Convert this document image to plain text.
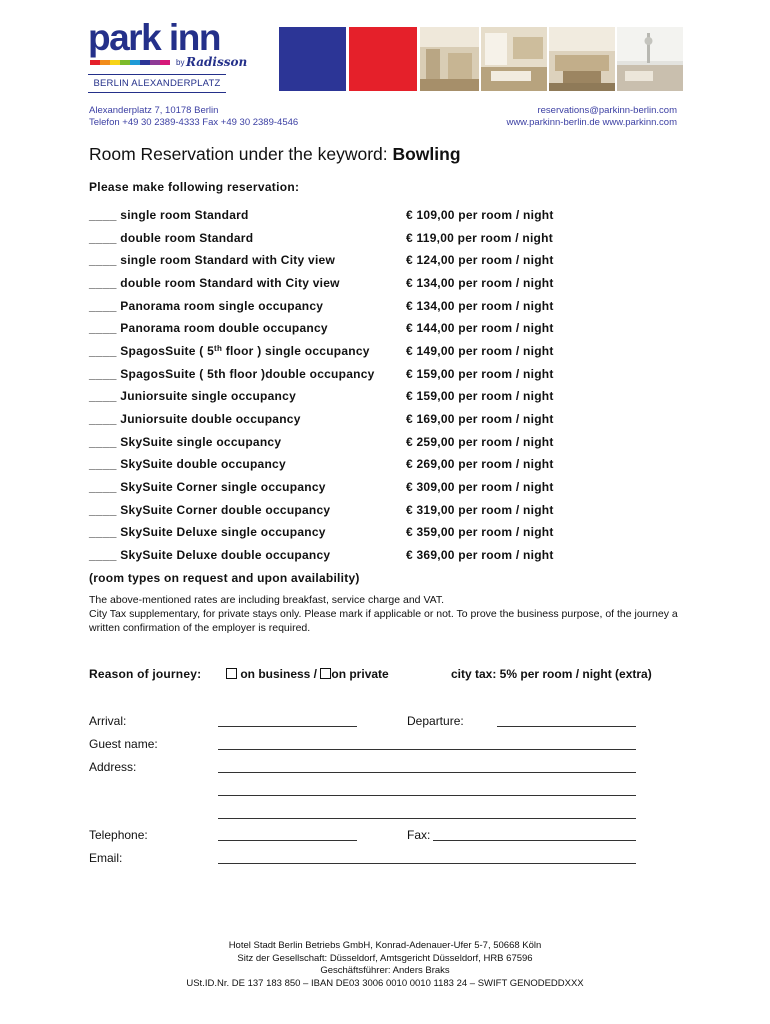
park inn
by Radisson
BERLIN ALEXANDERPLATZ
Alexanderplatz 7, 10178 Berlin
Telefon +49 30 2389-4333 Fax +49 30 2389-4546
reservations@parkinn-berlin.com
www.parkinn-berlin.de www.parkinn.com
Room Reservation under the keyword: Bowling
Please make following reservation:
____ single room Standard	€ 109,00 per room / night
____ double room Standard	€ 119,00 per room / night
____ single room Standard with City view	€ 124,00 per room / night
____ double room Standard with City view	€ 134,00 per room / night
____ Panorama room single occupancy	€ 134,00 per room / night
____ Panorama room double occupancy	€ 144,00 per room / night
____ SpagosSuite ( 5th floor ) single occupancy	€ 149,00 per room / night
____ SpagosSuite ( 5th floor )double occupancy	€ 159,00 per room / night
____ Juniorsuite single occupancy	€ 159,00 per room / night
____ Juniorsuite double occupancy	€ 169,00 per room / night
____ SkySuite single occupancy	€ 259,00 per room / night
____ SkySuite double occupancy	€ 269,00 per room / night
____ SkySuite Corner single occupancy	€ 309,00 per room / night
____ SkySuite Corner double occupancy	€ 319,00 per room / night
____ SkySuite Deluxe single occupancy	€ 359,00 per room / night
____ SkySuite Deluxe double occupancy	€ 369,00 per room / night
(room types on request and upon availability)
The above-mentioned rates are including breakfast, service charge and VAT.
City Tax supplementary, for private stays only. Please mark if applicable or not. To prove the business purpose, of the journey a written confirmation of the employer is required.
Reason of journey:	on business / on private	city tax: 5% per room / night (extra)
Arrival:	Departure:
Guest name:
Address:
Telephone:	Fax:
Email:
Hotel Stadt Berlin Betriebs GmbH, Konrad-Adenauer-Ufer 5-7, 50668 Köln
Sitz der Gesellschaft: Düsseldorf, Amtsgericht Düsseldorf, HRB 67596
Geschäftsführer: Anders Braks
USt.ID.Nr. DE 137 183 850 – IBAN DE03 3006 0010 0010 1183 24 – SWIFT GENODEDDXXX
